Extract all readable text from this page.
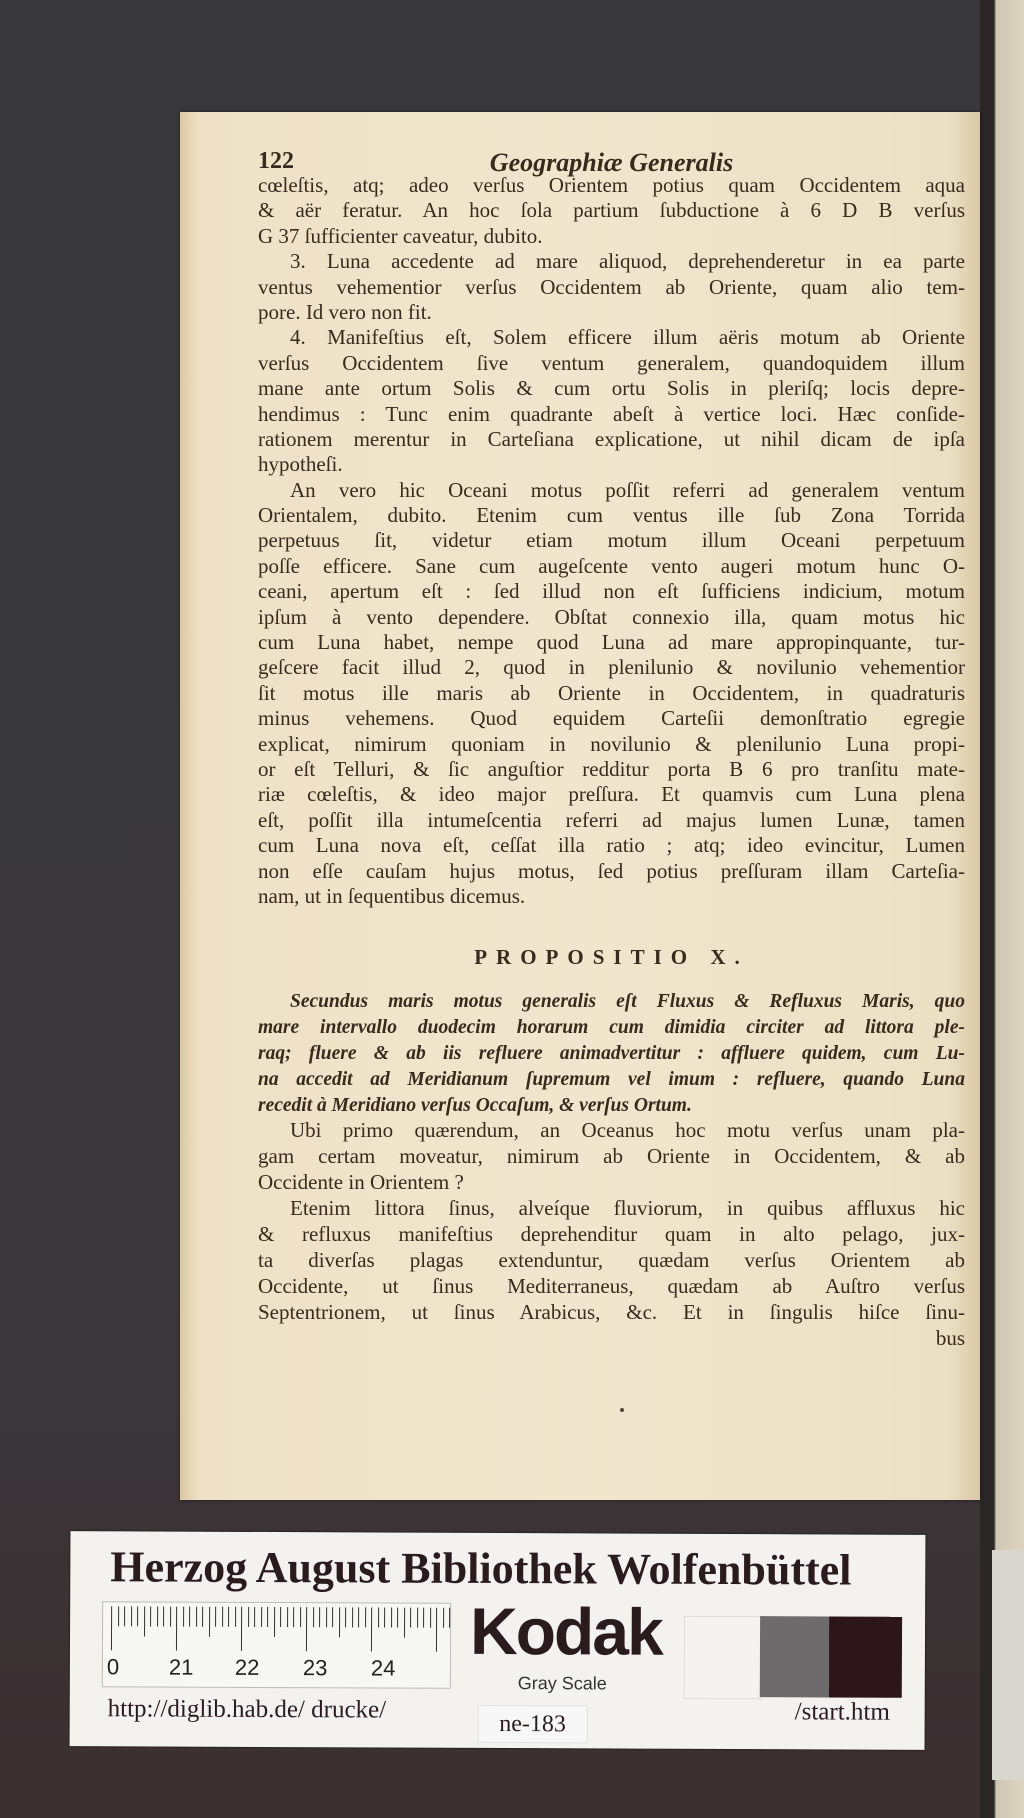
122	Geographiæ Generalis
cœleſtis, atq; adeo verſus Orientem potius quam Occidentem aqua
& aër feratur. An hoc ſola partium ſubductione à 6 D B verſus
G 37 ſufficienter caveatur, dubito.
3. Luna accedente ad mare aliquod, deprehenderetur in ea parte
ventus vehementior verſus Occidentem ab Oriente, quam alio tem-
pore. Id vero non fit.
4. Manifeſtius eſt, Solem efficere illum aëris motum ab Oriente
verſus Occidentem ſive ventum generalem, quandoquidem illum
mane ante ortum Solis & cum ortu Solis in pleriſq; locis depre-
hendimus : Tunc enim quadrante abeſt à vertice loci. Hæc conſide-
rationem merentur in Carteſiana explicatione, ut nihil dicam de ipſa
hypotheſi.
An vero hic Oceani motus poſſit referri ad generalem ventum
Orientalem, dubito. Etenim cum ventus ille ſub Zona Torrida
perpetuus ſit, videtur etiam motum illum Oceani perpetuum
poſſe efficere. Sane cum augeſcente vento augeri motum hunc O-
ceani, apertum eſt : ſed illud non eſt ſufficiens indicium, motum
ipſum à vento dependere. Obſtat connexio illa, quam motus hic
cum Luna habet, nempe quod Luna ad mare appropinquante, tur-
geſcere facit illud 2, quod in plenilunio & novilunio vehementior
ſit motus ille maris ab Oriente in Occidentem, in quadraturis
minus vehemens. Quod equidem Carteſii demonſtratio egregie
explicat, nimirum quoniam in novilunio & plenilunio Luna propi-
or eſt Telluri, & ſic anguſtior redditur porta B 6 pro tranſitu mate-
riæ cœleſtis, & ideo major preſſura. Et quamvis cum Luna plena
eſt, poſſit illa intumeſcentia referri ad majus lumen Lunæ, tamen
cum Luna nova eſt, ceſſat illa ratio ; atq; ideo evincitur, Lumen
non eſſe cauſam hujus motus, ſed potius preſſuram illam Carteſia-
nam, ut in ſequentibus dicemus.
PROPOSITIO X.
Secundus maris motus generalis eſt Fluxus & Refluxus Maris, quo
mare intervallo duodecim horarum cum dimidia circiter ad littora ple-
raq; fluere & ab iis refluere animadvertitur : affluere quidem, cum Lu-
na accedit ad Meridianum ſupremum vel imum : refluere, quando Luna
recedit à Meridiano verſus Occaſum, & verſus Ortum.
Ubi primo quærendum, an Oceanus hoc motu verſus unam pla-
gam certam moveatur, nimirum ab Oriente in Occidentem, & ab
Occidente in Orientem ?
Etenim littora ſinus, alveíque fluviorum, in quibus affluxus hic
& refluxus manifeſtius deprehenditur quam in alto pelago, jux-
ta diverſas plagas extenduntur, quædam verſus Orientem ab
Occidente, ut ſinus Mediterraneus, quædam ab Auſtro verſus
Septentrionem, ut ſinus Arabicus, &c. Et in ſingulis hiſce ſinu-
bus
Herzog August Bibliothek Wolfenbüttel
0 21 22 23 24 Kodak
Gray Scale
http://diglib.hab.de/ drucke/
ne-183	/start.htm
